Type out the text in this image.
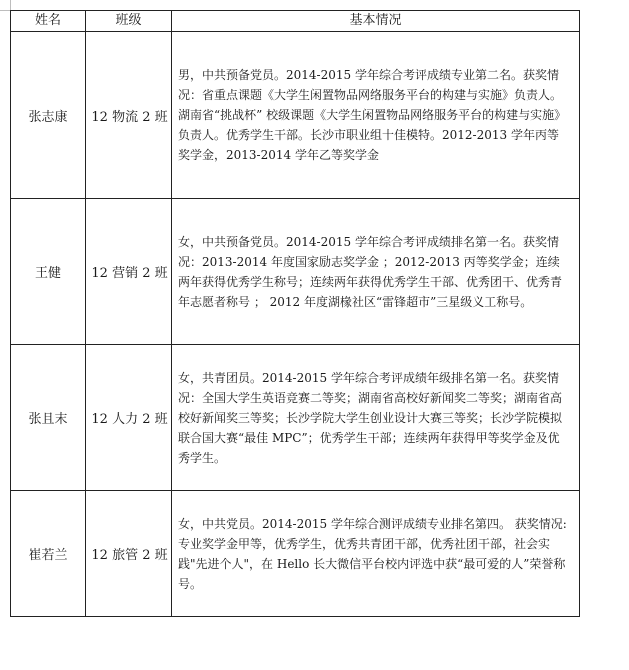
姓名	班级	基本情况
张志康	12 物流 2 班	男，中共预备党员。2014-2015 学年综合考评成绩专业第二名。获奖情况：省重点课题《大学生闲置物品网络服务平台的构建与实施》负责人。湖南省“挑战杯” 校级课题《大学生闲置物品网络服务平台的构建与实施》负责人。优秀学生干部。长沙市职业组十佳模特。2012-2013 学年丙等奖学金，2013-2014 学年乙等奖学金
王健	12 营销 2 班	女，中共预备党员。2014-2015 学年综合考评成绩排名第一名。获奖情况：2013-2014 年度国家励志奖学金 ；2012-2013 丙等奖学金；连续两年获得优秀学生称号；连续两年获得优秀学生干部、优秀团干、优秀青年志愿者称号 ； 2012 年度湖椽社区“雷锋超市”三星级义工称号。
张且末	12 人力 2 班	女，共青团员。2014-2015 学年综合考评成绩年级排名第一名。获奖情况：全国大学生英语竞赛二等奖；湖南省高校好新闻奖二等奖；湖南省高校好新闻奖三等奖；长沙学院大学生创业设计大赛三等奖；长沙学院模拟联合国大赛“最佳 MPC”；优秀学生干部；连续两年获得甲等奖学金及优秀学生。
崔若兰	12 旅管 2 班	女，中共党员。2014-2015 学年综合测评成绩专业排名第四。 获奖情况:专业奖学金甲等，优秀学生，优秀共青团干部，优秀社团干部，社会实践"先进个人"，在 Hello 长大微信平台校内评选中获“最可爱的人”荣誉称号。
